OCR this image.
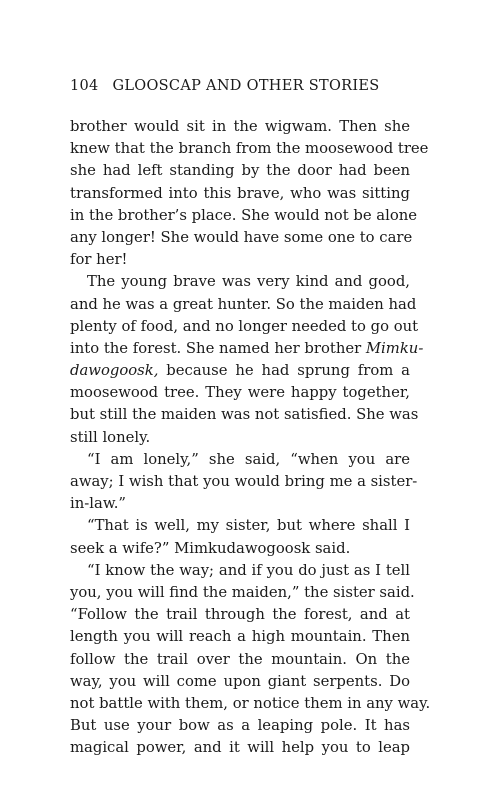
104 GLOOSCAP AND OTHER STORIES
brother would sit in the wigwam. Then she
knew that the branch from the moosewood tree
she had left standing by the door had been
transformed into this brave, who was sitting
in the brother’s place. She would not be alone
any longer! She would have some one to care
for her!
The young brave was very kind and good,
and he was a great hunter. So the maiden had
plenty of food, and no longer needed to go out
into the forest. She named her brother Mimku-
dawogoosk, because he had sprung from a
moosewood tree. They were happy together,
but still the maiden was not satisfied. She was
still lonely.
“I am lonely,” she said, “when you are
away; I wish that you would bring me a sister-
in-law.”
“That is well, my sister, but where shall I
seek a wife?” Mimkudawogoosk said.
“I know the way; and if you do just as I tell
you, you will find the maiden,” the sister said.
“Follow the trail through the forest, and at
length you will reach a high mountain. Then
follow the trail over the mountain. On the
way, you will come upon giant serpents. Do
not battle with them, or notice them in any way.
But use your bow as a leaping pole. It has
magical power, and it will help you to leap
